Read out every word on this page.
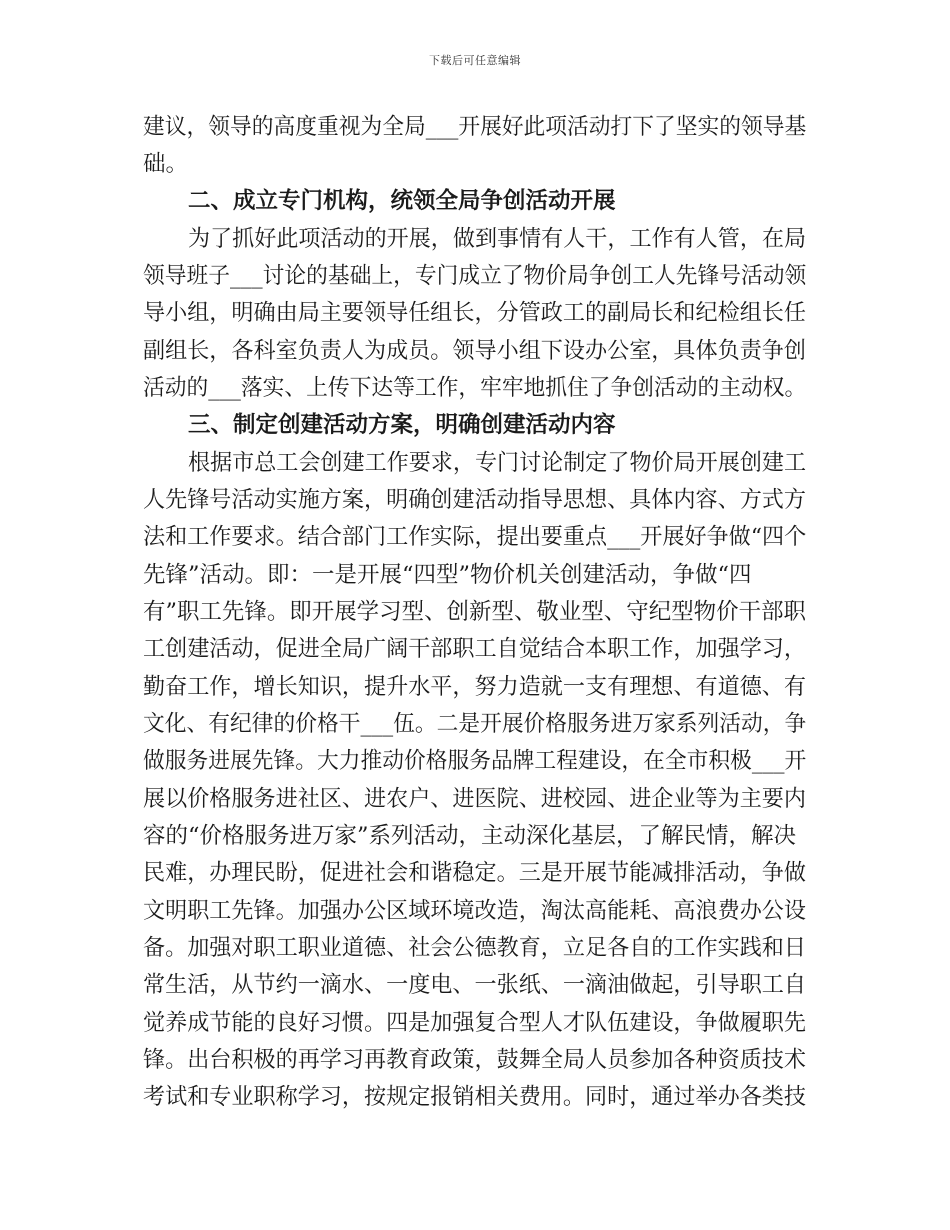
下载后可任意编辑
建议，领导的高度重视为全局___开展好此项活动打下了坚实的领导基
础。
二、成立专门机构，统领全局争创活动开展
为了抓好此项活动的开展，做到事情有人干，工作有人管，在局
领导班子___讨论的基础上，专门成立了物价局争创工人先锋号活动领
导小组，明确由局主要领导任组长，分管政工的副局长和纪检组长任
副组长，各科室负责人为成员。领导小组下设办公室，具体负责争创
活动的___落实、上传下达等工作，牢牢地抓住了争创活动的主动权。
三、制定创建活动方案，明确创建活动内容
根据市总工会创建工作要求，专门讨论制定了物价局开展创建工
人先锋号活动实施方案，明确创建活动指导思想、具体内容、方式方
法和工作要求。结合部门工作实际，提出要重点___开展好争做“四个
先锋”活动。即：一是开展“四型”物价机关创建活动，争做“四
有”职工先锋。即开展学习型、创新型、敬业型、守纪型物价干部职
工创建活动，促进全局广阔干部职工自觉结合本职工作，加强学习，
勤奋工作，增长知识，提升水平，努力造就一支有理想、有道德、有
文化、有纪律的价格干___伍。二是开展价格服务进万家系列活动，争
做服务进展先锋。大力推动价格服务品牌工程建设，在全市积极___开
展以价格服务进社区、进农户、进医院、进校园、进企业等为主要内
容的“价格服务进万家”系列活动，主动深化基层，了解民情，解决
民难，办理民盼，促进社会和谐稳定。三是开展节能减排活动，争做
文明职工先锋。加强办公区域环境改造，淘汰高能耗、高浪费办公设
备。加强对职工职业道德、社会公德教育，立足各自的工作实践和日
常生活，从节约一滴水、一度电、一张纸、一滴油做起，引导职工自
觉养成节能的良好习惯。四是加强复合型人才队伍建设，争做履职先
锋。出台积极的再学习再教育政策，鼓舞全局人员参加各种资质技术
考试和专业职称学习，按规定报销相关费用。同时，通过举办各类技
